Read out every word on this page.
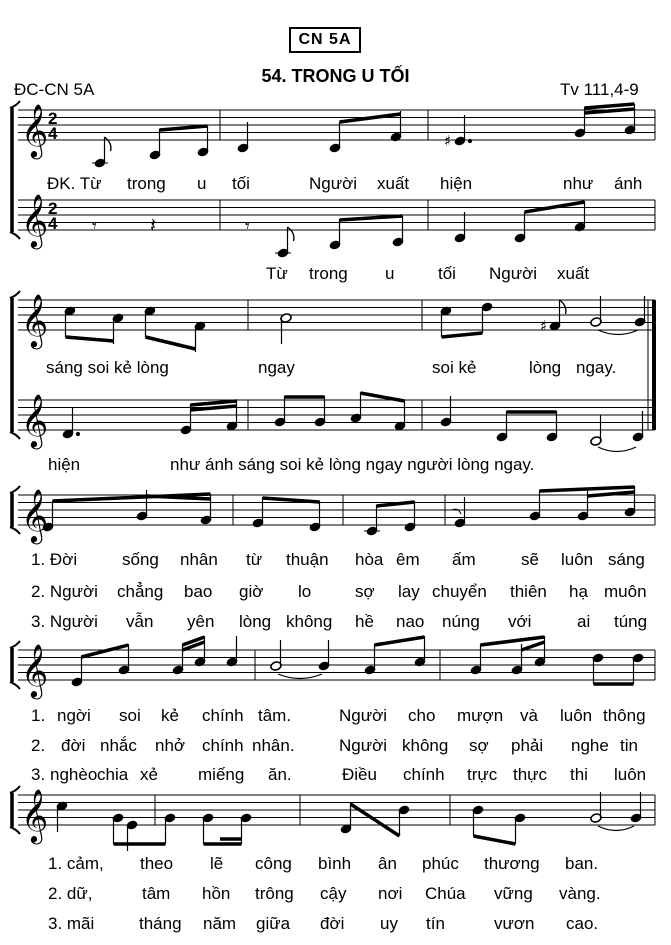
CN 5A
ĐC-CN 5A
54. TRONG U TỐI
Tv 111,4-9
𝄞
𝄞
2
4
2
4
♯
𝄾	𝄽	𝄾
𝄞
𝄞
♯
𝄞
𝄞
𝄞
ĐK. Từ trong u tối	Người xuất hiện	như ánh
Từ trong u	tối Người xuất
sáng soi kẻ lòng	ngay	soi kẻ	lòng ngay.
hiện	như ánh sáng soi kẻ lòng ngay người lòng ngay.
1. Đời	sống nhân từ thuận hòa êm ấm	sẽ luôn sáng
2. Người chẳng bao giờ lo	sợ lay chuyển thiên hạ muôn
3. Người vẫn yên lòng không hề nao núng với	ai túng
1. ngời soi kẻ chính tâm.	Người cho mượn và luôn thông
2. đời nhắc nhở chính nhân.	Người không sợ phải nghe tin
3. nghèo chia xẻ miếng ăn.	Điều chính trực thực thi luôn
1. cảm, theo lẽ công bình ân phúc thương ban.
2. dữ,	tâm hồn trông cậy nơi Chúa vững vàng.
3. mãi	tháng năm giữa đời uy tín	vươn cao.
